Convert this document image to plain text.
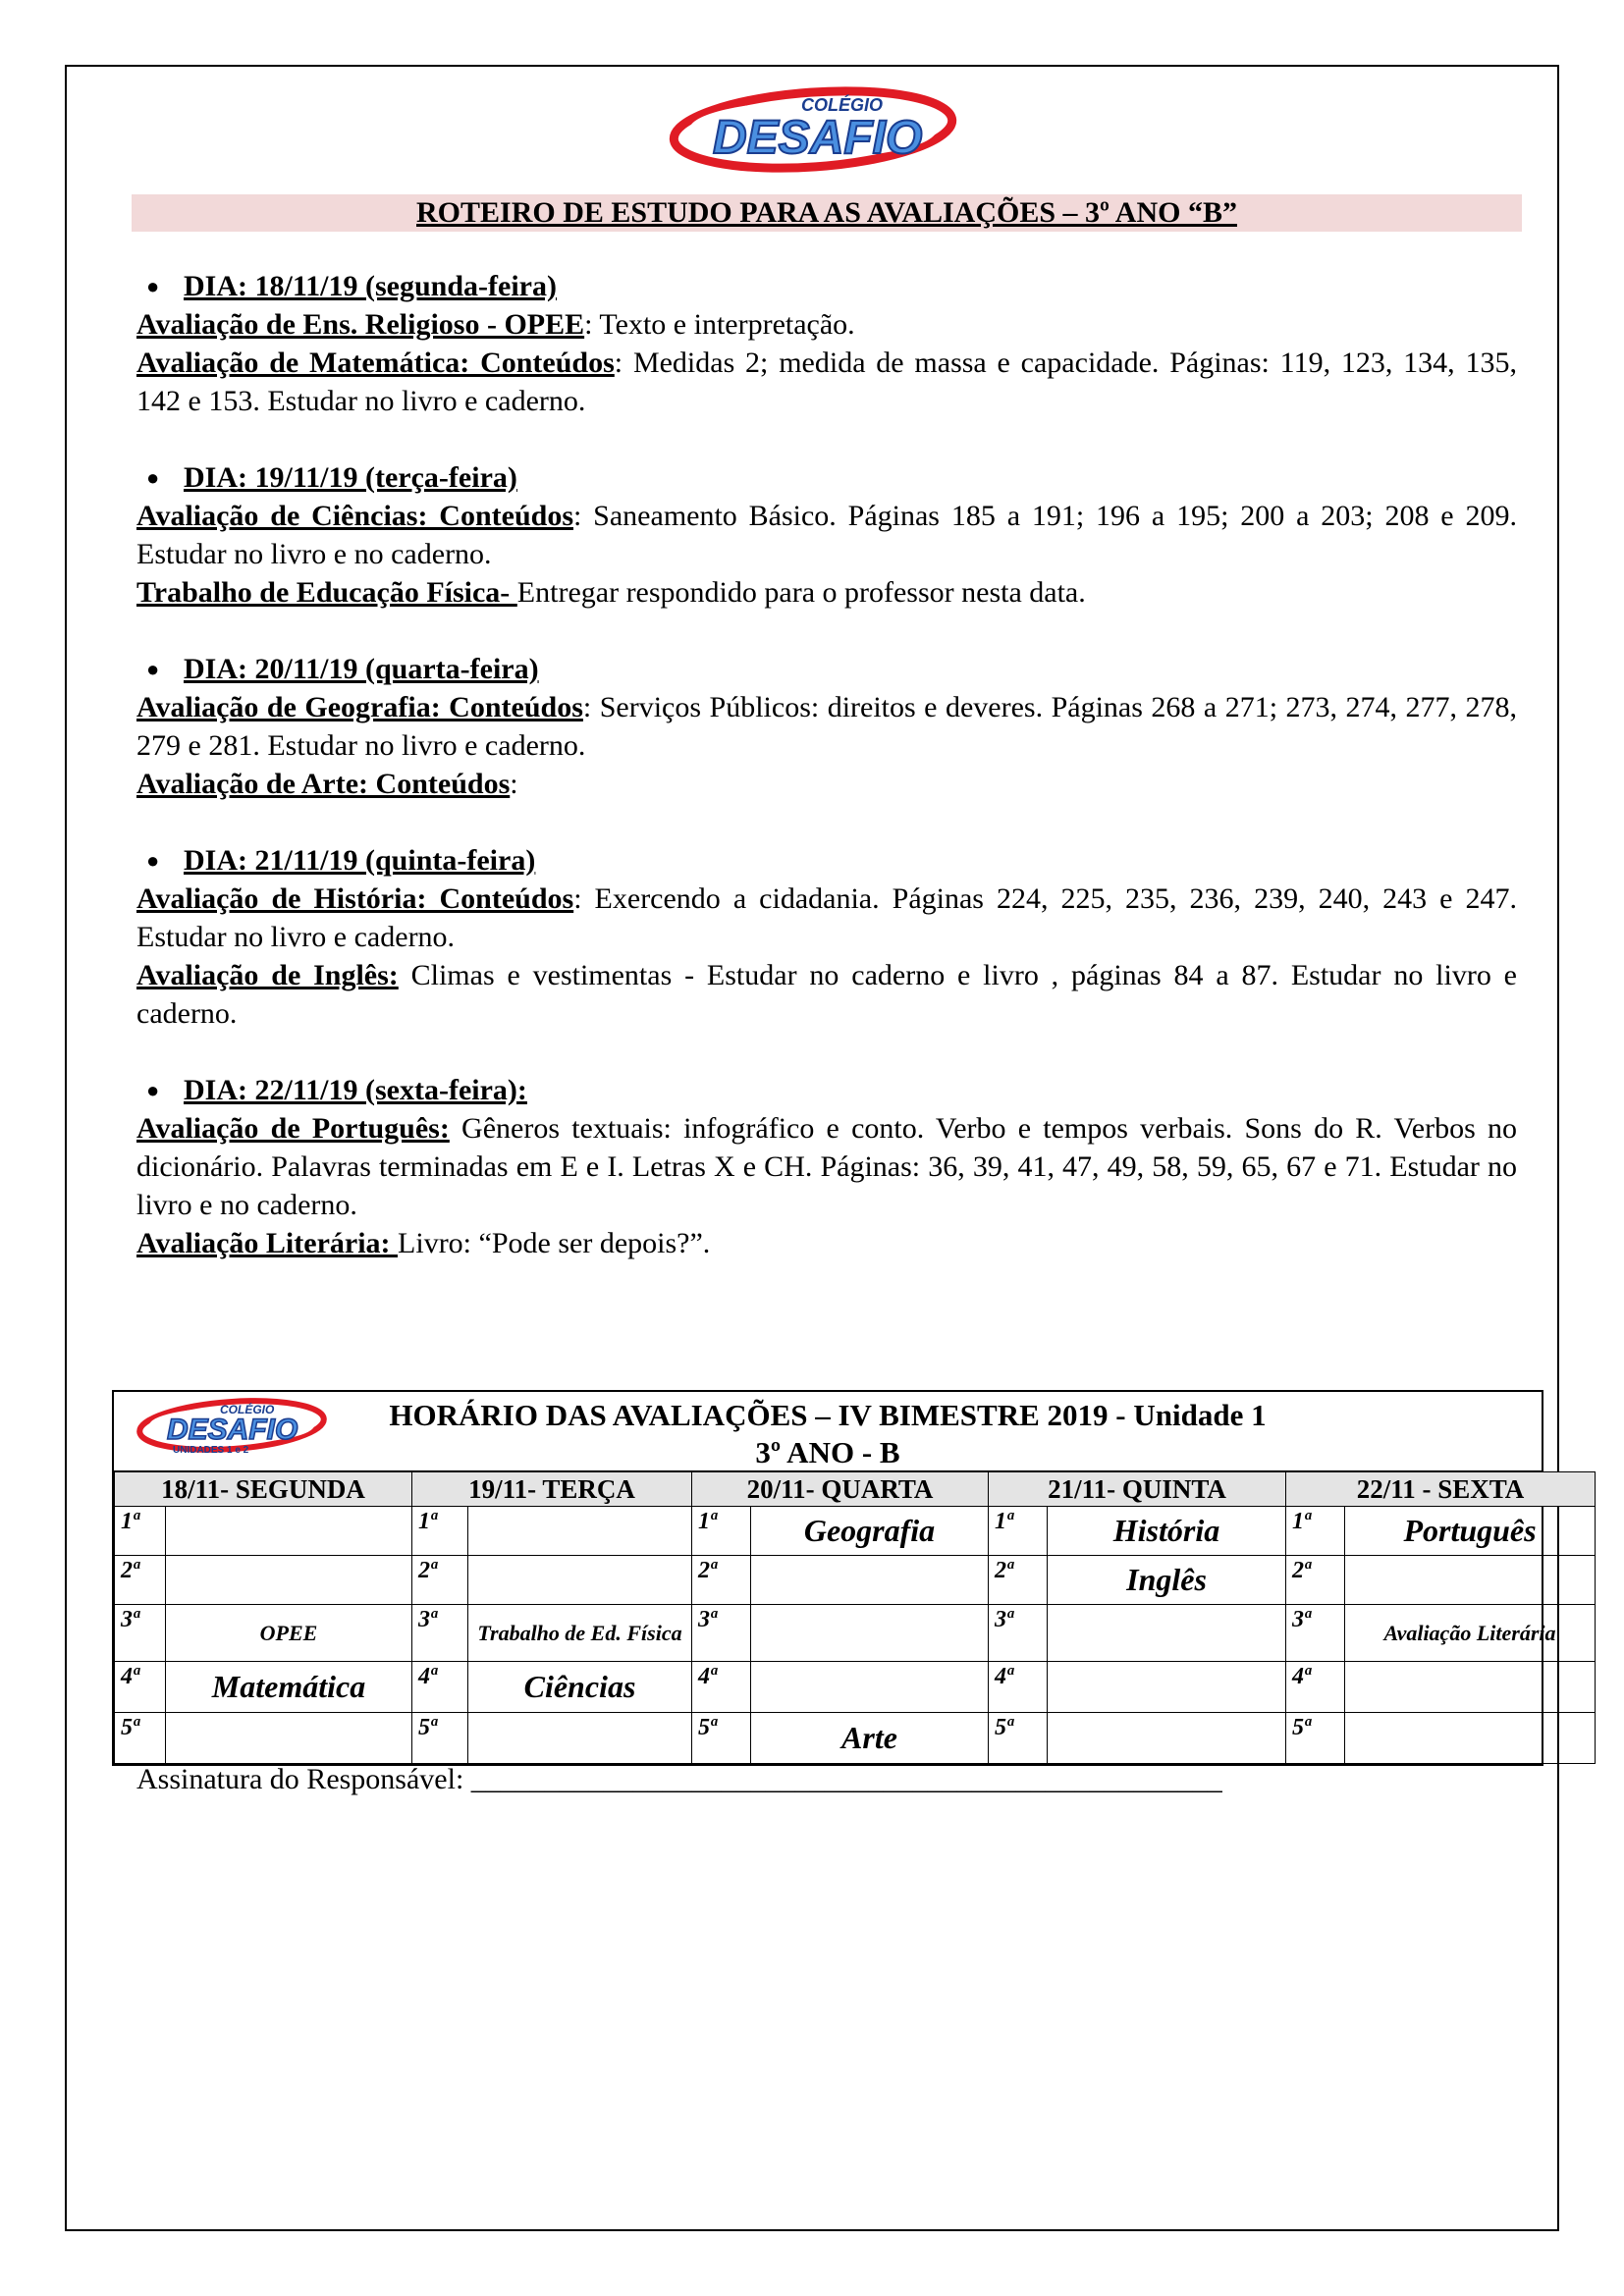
COLÉGIO
DESAFIO
ROTEIRO DE ESTUDO PARA AS AVALIAÇÕES – 3º ANO “B”
● DIA: 18/11/19 (segunda-feira)
Avaliação de Ens. Religioso - OPEE: Texto e interpretação.
Avaliação de Matemática: Conteúdos: Medidas 2; medida de massa e capacidade. Páginas: 119, 123, 134, 135, 142 e 153. Estudar no livro e caderno.
● DIA: 19/11/19 (terça-feira)
Avaliação de Ciências: Conteúdos: Saneamento Básico. Páginas 185 a 191; 196 a 195; 200 a 203; 208 e 209. Estudar no livro e no caderno.
Trabalho de Educação Física- Entregar respondido para o professor nesta data.
● DIA: 20/11/19 (quarta-feira)
Avaliação de Geografia: Conteúdos: Serviços Públicos: direitos e deveres. Páginas 268 a 271; 273, 274, 277, 278, 279 e 281. Estudar no livro e caderno.
Avaliação de Arte: Conteúdos:
● DIA: 21/11/19 (quinta-feira)
Avaliação de História: Conteúdos: Exercendo a cidadania. Páginas 224, 225, 235, 236, 239, 240, 243 e 247. Estudar no livro e caderno.
Avaliação de Inglês: Climas e vestimentas - Estudar no caderno e livro , páginas 84 a 87. Estudar no livro e caderno.
● DIA: 22/11/19 (sexta-feira):
Avaliação de Português: Gêneros textuais: infográfico e conto. Verbo e tempos verbais. Sons do R. Verbos no dicionário. Palavras terminadas em E e I. Letras X e CH. Páginas: 36, 39, 41, 47, 49, 58, 59, 65, 67 e 71. Estudar no livro e no caderno.
Avaliação Literária: Livro: “Pode ser depois?”.
COLÉGIO
DESAFIO
UNIDADES 1 e 2
HORÁRIO DAS AVALIAÇÕES – IV BIMESTRE 2019 - Unidade 1
3º ANO - B
18/11- SEGUNDA		19/11- TERÇA		20/11- QUARTA		21/11- QUINTA		22/11 - SEXTA	
1ª		1ª		1ª	Geografia	1ª	História	1ª	Português
2ª		2ª		2ª		2ª	Inglês	2ª	
3ª	OPEE	3ª	Trabalho de Ed. Física	3ª		3ª		3ª	Avaliação Literária
4ª	Matemática	4ª	Ciências	4ª		4ª		4ª	
5ª		5ª		5ª	Arte	5ª		5ª	
Assinatura do Responsável: ___________________________________________________
